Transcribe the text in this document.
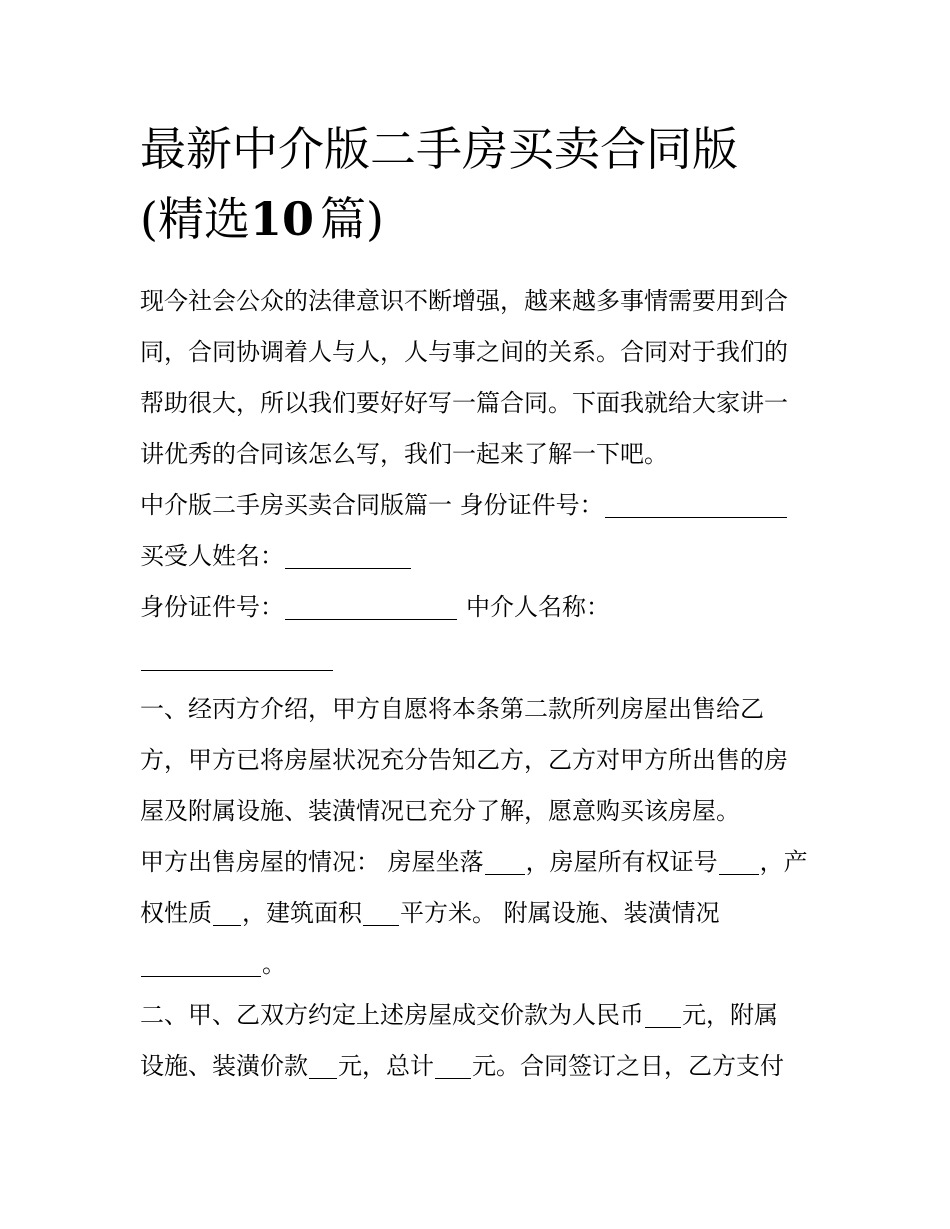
最新中介版二手房买卖合同版
(精选10 篇)
现今社会公众的法律意识不断增强，越来越多事情需要用到合
同，合同协调着人与人，人与事之间的关系。合同对于我们的
帮助很大，所以我们要好好写一篇合同。下面我就给大家讲一
讲优秀的合同该怎么写，我们一起来了解一下吧。
中介版二手房买卖合同版篇一 身份证件号：
买受人姓名：
身份证件号：	中介人名称：
一、经丙方介绍，甲方自愿将本条第二款所列房屋出售给乙
方，甲方已将房屋状况充分告知乙方，乙方对甲方所出售的房
屋及附属设施、装潢情况已充分了解，愿意购买该房屋。
甲方出售房屋的情况： 房屋坐落 ，房屋所有权证号 ，产
权性质 ，建筑面积 平方米。 附属设施、装潢情况
。
二、甲、乙双方约定上述房屋成交价款为人民币 元，附属
设施、装潢价款 元，总计 元。合同签订之日，乙方支付
